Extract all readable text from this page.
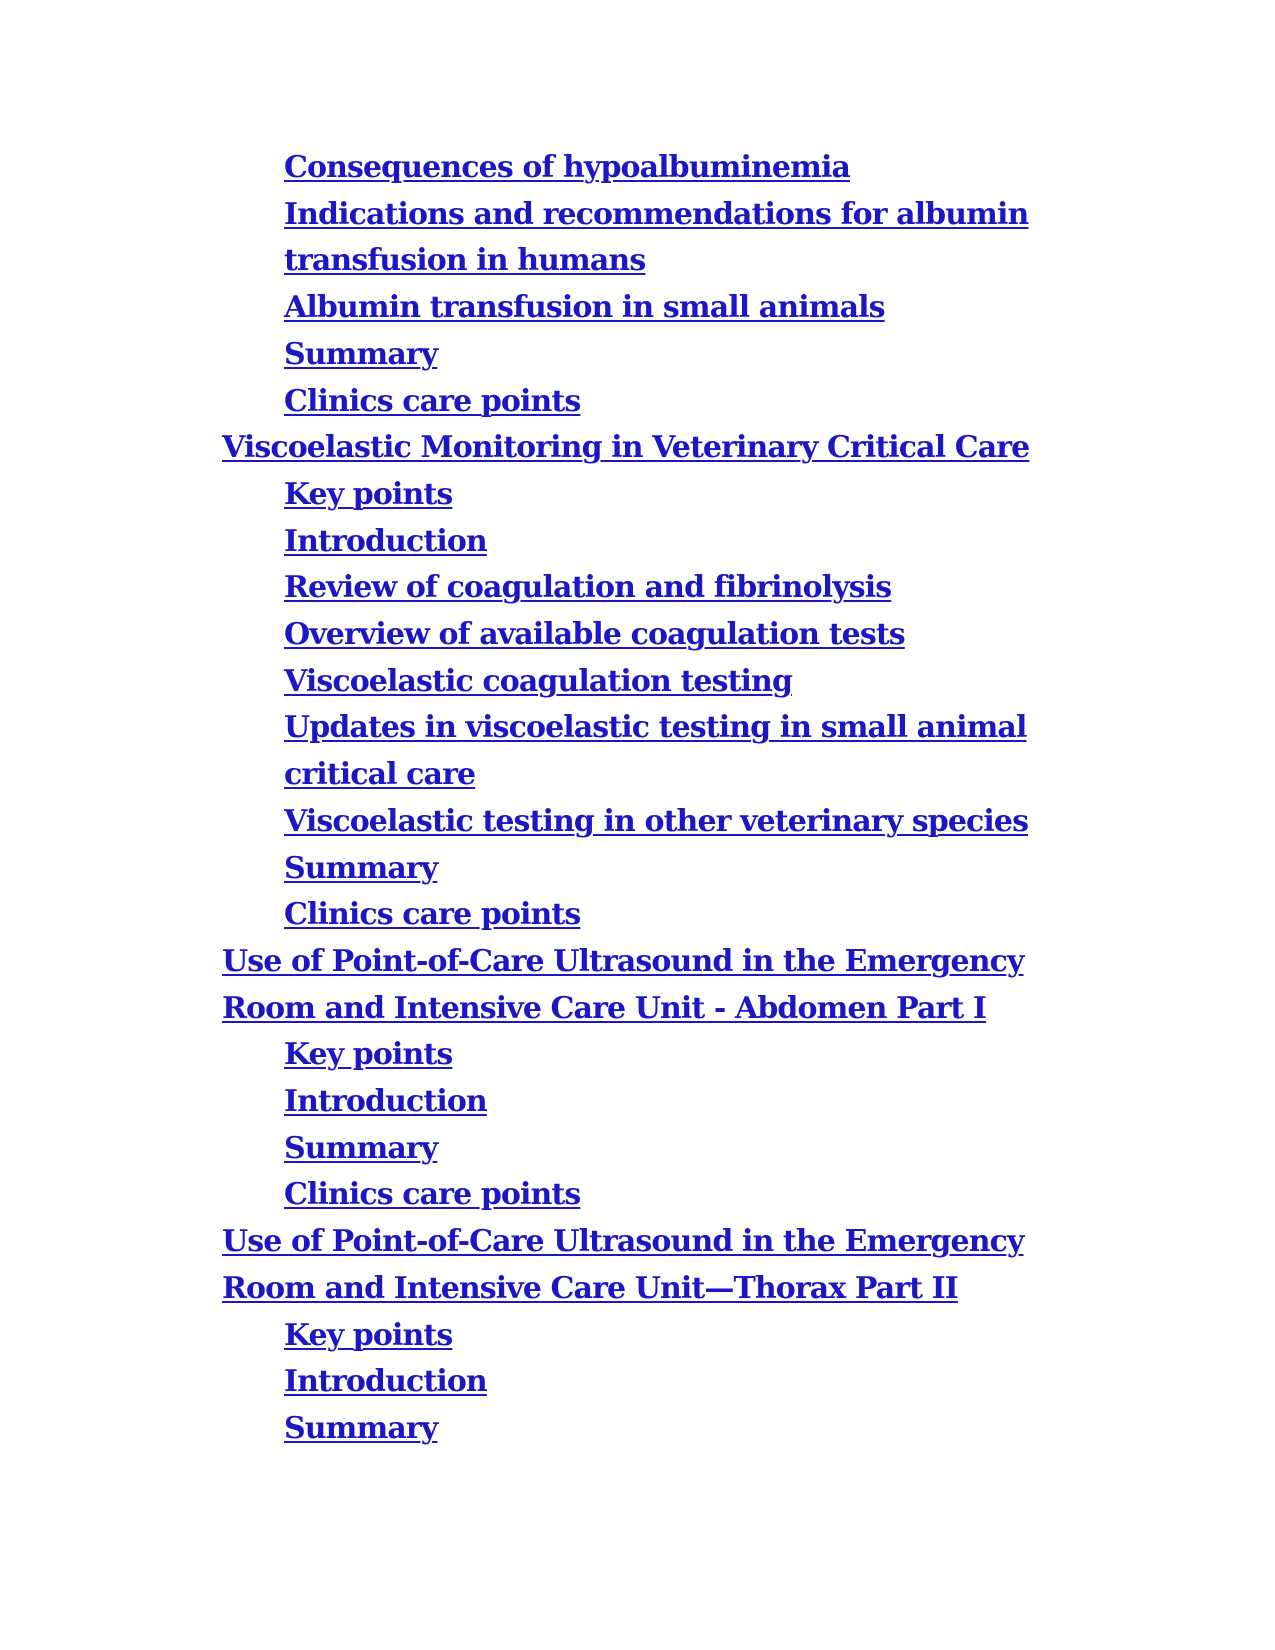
Consequences of hypoalbuminemia
Indications and recommendations for albumin
transfusion in humans
Albumin transfusion in small animals
Summary
Clinics care points
Viscoelastic Monitoring in Veterinary Critical Care
Key points
Introduction
Review of coagulation and fibrinolysis
Overview of available coagulation tests
Viscoelastic coagulation testing
Updates in viscoelastic testing in small animal
critical care
Viscoelastic testing in other veterinary species
Summary
Clinics care points
Use of Point-of-Care Ultrasound in the Emergency
Room and Intensive Care Unit - Abdomen Part I
Key points
Introduction
Summary
Clinics care points
Use of Point-of-Care Ultrasound in the Emergency
Room and Intensive Care Unit—Thorax Part II
Key points
Introduction
Summary
